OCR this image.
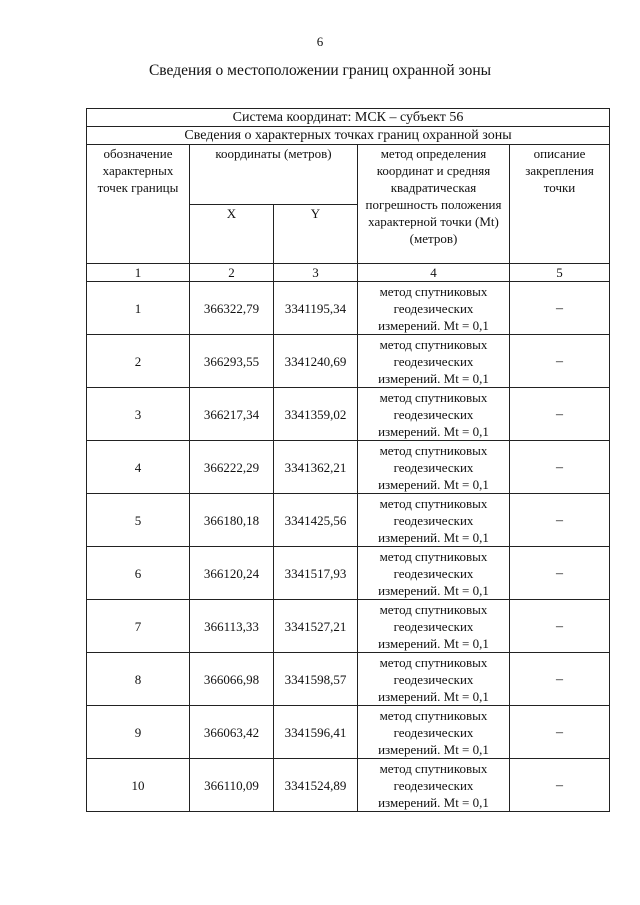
6
Сведения о местоположении границ охранной зоны
Система координат: МСК – субъект 56				
Сведения о характерных точках границ охранной зоны				
обозначение характерных точек границы	координаты (метров)		метод определения координат и средняя квадратическая погрешность положения характерной точки (Mt) (метров)	описание закрепления точки
	X	Y		
1	2	3	4	5
1	366322,79	3341195,34	метод спутниковых геодезических измерений. Mt = 0,1	–
2	366293,55	3341240,69	метод спутниковых геодезических измерений. Mt = 0,1	–
3	366217,34	3341359,02	метод спутниковых геодезических измерений. Mt = 0,1	–
4	366222,29	3341362,21	метод спутниковых геодезических измерений. Mt = 0,1	–
5	366180,18	3341425,56	метод спутниковых геодезических измерений. Mt = 0,1	–
6	366120,24	3341517,93	метод спутниковых геодезических измерений. Mt = 0,1	–
7	366113,33	3341527,21	метод спутниковых геодезических измерений. Mt = 0,1	–
8	366066,98	3341598,57	метод спутниковых геодезических измерений. Mt = 0,1	–
9	366063,42	3341596,41	метод спутниковых геодезических измерений. Mt = 0,1	–
10	366110,09	3341524,89	метод спутниковых геодезических измерений. Mt = 0,1	–
